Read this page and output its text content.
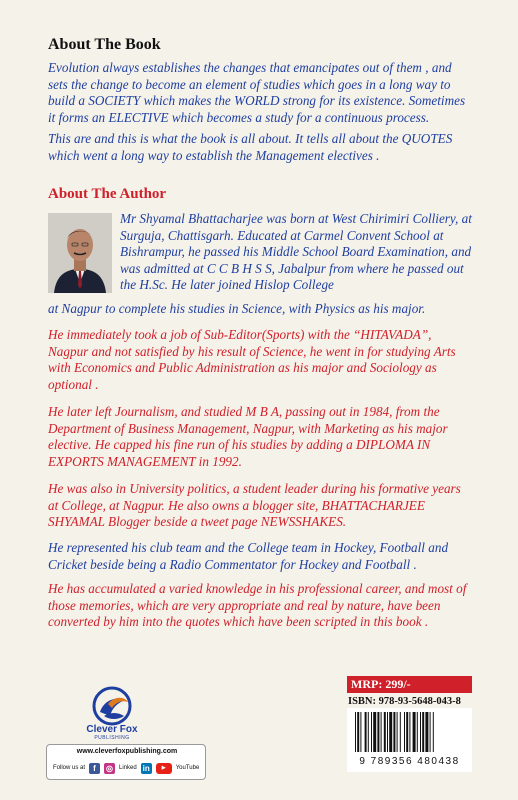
About The Book

Evolution always establishes the changes that emancipates out of them , and sets the change to become an element of studies which goes in a long way to build a SOCIETY which makes the WORLD strong for its existence. Sometimes it forms an ELECTIVE which becomes a study for a continuous process.

This are and this is what the book is all about. It tells all about the QUOTES which went a long way to establish the Management electives .

About The Author

Mr Shyamal Bhattacharjee was born at West Chirimiri Colliery, at Surguja, Chattisgarh. Educated at Carmel Convent School at Bishrampur, he passed his Middle School Board Examination, and was admitted at C C B H S S, Jabalpur from where he passed out the H.Sc. He later joined Hislop College

at Nagpur to complete his studies in Science, with Physics as his major.

He immediately took a job of Sub-Editor(Sports) with the “HITAVADA”, Nagpur and not satisfied by his result of Science, he went in for studying Arts with Economics and Public Administration as his major and Sociology as optional .

He later left Journalism, and studied M B A, passing out in 1984, from the Department of Business Management, Nagpur, with Marketing as his major elective. He capped his fine run of his studies by adding a DIPLOMA IN EXPORTS MANAGEMENT in 1992.

He was also in University politics, a student leader during his formative years at College, at Nagpur. He also owns a blogger site, BHATTACHARJEE SHYAMAL Blogger beside a tweet page NEWSSHAKES.

He represented his club team and the College team in Hockey, Football and Cricket beside being a Radio Commentator for Hockey and Football .

He has accumulated a varied knowledge in his professional career, and most of those memories, which are very appropriate and real by nature, have been converted by him into the quotes which have been scripted in this book .

Clever Fox
PUBLISHING
www.cleverfoxpublishing.com
Follow us at	f	◎	Linked in	▶	YouTube
MRP: 299/-
ISBN: 978-93-5648-043-8
9 789356 480438
